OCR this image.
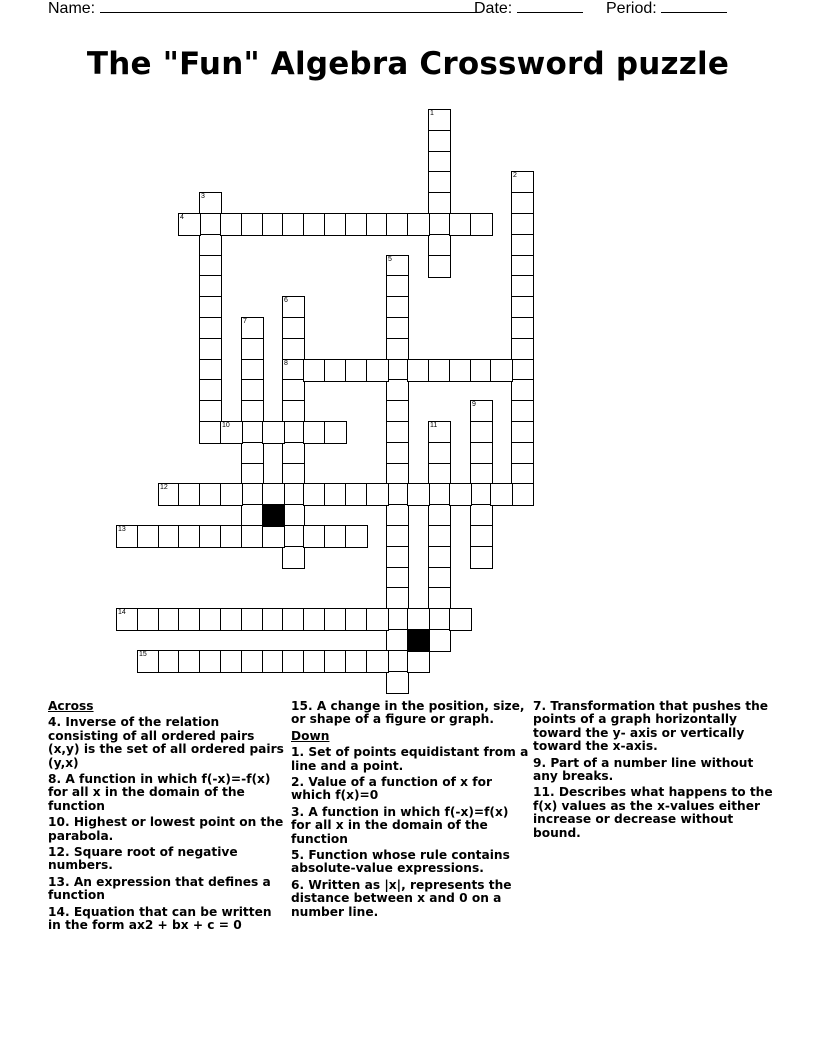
Name:	Date:	Period:
The "Fun" Algebra Crossword puzzle
1
2
3
4
5
6
8
7
9
10	11
12
13
14
15
Across
4. Inverse of the relation consisting of all ordered pairs (x,y) is the set of all ordered pairs (y,x)
8. A function in which f(-x)=-f(x) for all x in the domain of the function
10. Highest or lowest point on the parabola.
12. Square root of negative numbers.
13. An expression that defines a function
14. Equation that can be written in the form ax2 + bx + c = 0
15. A change in the position, size, or shape of a figure or graph.
Down
1. Set of points equidistant from a line and a point.
2. Value of a function of x for which f(x)=0
3. A function in which f(-x)=f(x) for all x in the domain of the function
5. Function whose rule contains absolute-value expressions.
6. Written as |x|, represents the distance between x and 0 on a number line.
7. Transformation that pushes the points of a graph horizontally toward the y- axis or vertically toward the x-axis.
9. Part of a number line without any breaks.
11. Describes what happens to the f(x) values as the x-values either increase or decrease without bound.
